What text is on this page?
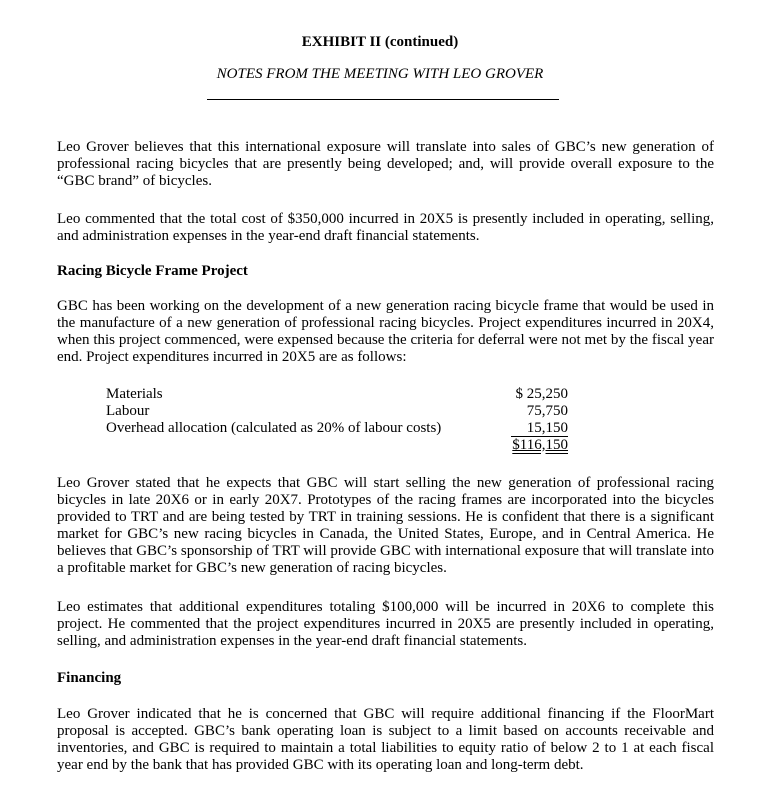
EXHIBIT II (continued)
NOTES FROM THE MEETING WITH LEO GROVER

Leo Grover believes that this international exposure will translate into sales of GBC’s new generation of professional racing bicycles that are presently being developed; and, will provide overall exposure to the “GBC brand” of bicycles.

Leo commented that the total cost of $350,000 incurred in 20X5 is presently included in operating, selling, and administration expenses in the year-end draft financial statements.

Racing Bicycle Frame Project

GBC has been working on the development of a new generation racing bicycle frame that would be used in the manufacture of a new generation of professional racing bicycles. Project expenditures incurred in 20X4, when this project commenced, were expensed because the criteria for deferral were not met by the fiscal year end. Project expenditures incurred in 20X5 are as follows:

Materials	$ 25,250
Labour	75,750
Overhead allocation (calculated as 20% of labour costs)	15,150
$116,150

Leo Grover stated that he expects that GBC will start selling the new generation of professional racing bicycles in late 20X6 or in early 20X7. Prototypes of the racing frames are incorporated into the bicycles provided to TRT and are being tested by TRT in training sessions. He is confident that there is a significant market for GBC’s new racing bicycles in Canada, the United States, Europe, and in Central America. He believes that GBC’s sponsorship of TRT will provide GBC with international exposure that will translate into a profitable market for GBC’s new generation of racing bicycles.

Leo estimates that additional expenditures totaling $100,000 will be incurred in 20X6 to complete this project. He commented that the project expenditures incurred in 20X5 are presently included in operating, selling, and administration expenses in the year-end draft financial statements.

Financing

Leo Grover indicated that he is concerned that GBC will require additional financing if the FloorMart proposal is accepted. GBC’s bank operating loan is subject to a limit based on accounts receivable and inventories, and GBC is required to maintain a total liabilities to equity ratio of below 2 to 1 at each fiscal year end by the bank that has provided GBC with its operating loan and long-term debt.
